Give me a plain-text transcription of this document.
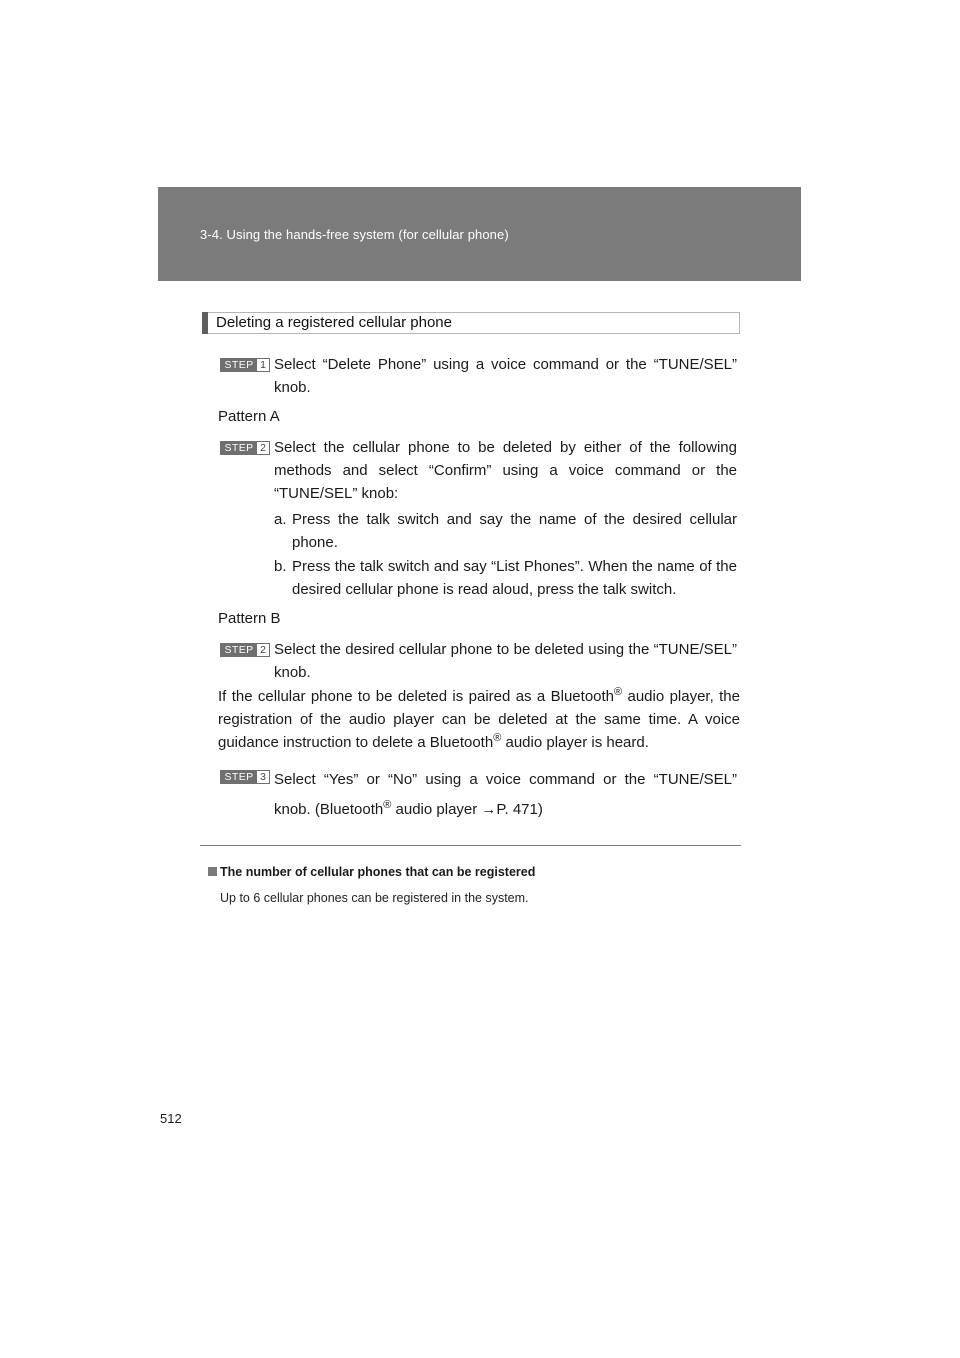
3-4. Using the hands-free system (for cellular phone)
Deleting a registered cellular phone
STEP 1 Select “Delete Phone” using a voice command or the “TUNE/SEL” knob.
Pattern A
STEP 2 Select the cellular phone to be deleted by either of the following methods and select “Confirm” using a voice command or the “TUNE/SEL” knob:
a. Press the talk switch and say the name of the desired cellular phone.
b. Press the talk switch and say “List Phones”. When the name of the desired cellular phone is read aloud, press the talk switch.
Pattern B
STEP 2 Select the desired cellular phone to be deleted using the “TUNE/SEL” knob.
If the cellular phone to be deleted is paired as a Bluetooth® audio player, the registration of the audio player can be deleted at the same time. A voice guidance instruction to delete a Bluetooth® audio player is heard.
STEP 3 Select “Yes” or “No” using a voice command or the “TUNE/SEL” knob. (Bluetooth® audio player →P. 471)
The number of cellular phones that can be registered
Up to 6 cellular phones can be registered in the system.
512
